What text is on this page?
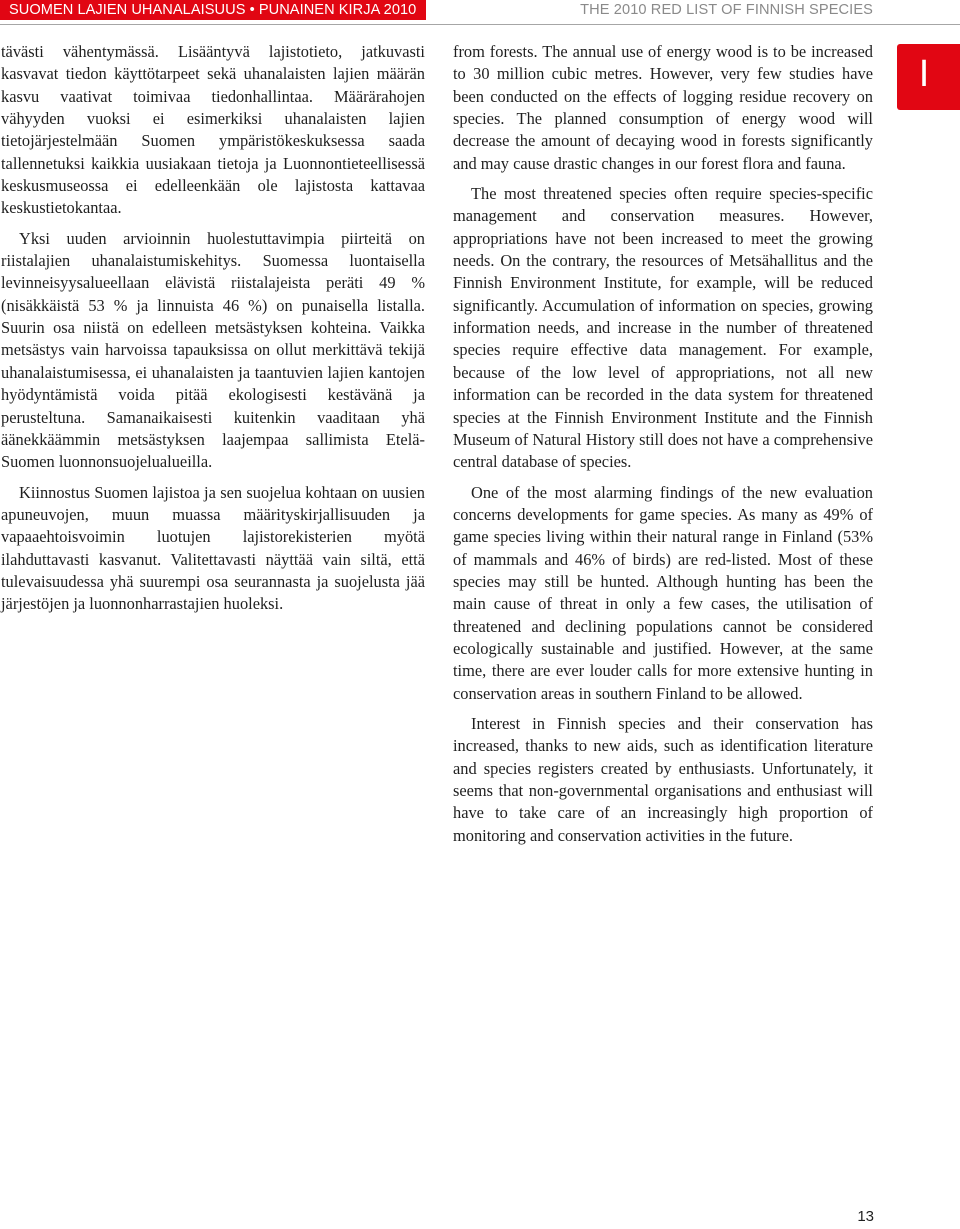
SUOMEN LAJIEN UHANALAISUUS • PUNAINEN KIRJA 2010	THE 2010 RED LIST OF FINNISH SPECIES

tävästi vähentymässä. Lisääntyvä lajistotieto, jatkuvasti kasvavat tiedon käyttötarpeet sekä uhanalaisten lajien määrän kasvu vaativat toimivaa tiedonhallintaa. Määrärahojen vähyyden vuoksi ei esimerkiksi uhanalaisten lajien tietojärjestelmään Suomen ympäristökeskuksessa saada tallennetuksi kaikkia uusiakaan tietoja ja Luonnontieteellisessä keskusmuseossa ei edelleenkään ole lajistosta kattavaa keskustietokantaa.

Yksi uuden arvioinnin huolestuttavimpia piirteitä on riistalajien uhanalaistumiskehitys. Suomessa luontaisella levinneisyysalueellaan elävistä riistalajeista peräti 49 % (nisäkkäistä 53 % ja linnuista 46 %) on punaisella listalla. Suurin osa niistä on edelleen metsästyksen kohteina. Vaikka metsästys vain harvoissa tapauksissa on ollut merkittävä tekijä uhanalaistumisessa, ei uhanalaisten ja taantuvien lajien kantojen hyödyntämistä voida pitää ekologisesti kestävänä ja perusteltuna. Samanaikaisesti kuitenkin vaaditaan yhä äänekkäämmin metsästyksen laajempaa sallimista Etelä-Suomen luonnonsuojelualueilla.

Kiinnostus Suomen lajistoa ja sen suojelua kohtaan on uusien apuneuvojen, muun muassa määrityskirjallisuuden ja vapaaehtoisvoimin luotujen lajistorekisterien myötä ilahduttavasti kasvanut. Valitettavasti näyttää vain siltä, että tulevaisuudessa yhä suurempi osa seurannasta ja suojelusta jää järjestöjen ja luonnonharrastajien huoleksi.

from forests. The annual use of energy wood is to be increased to 30 million cubic metres. However, very few studies have been conducted on the effects of logging residue recovery on species. The planned consumption of energy wood will decrease the amount of decaying wood in forests significantly and may cause drastic changes in our forest flora and fauna.

The most threatened species often require species-specific management and conservation measures. However, appropriations have not been increased to meet the growing needs. On the contrary, the resources of Metsähallitus and the Finnish Environment Institute, for example, will be reduced significantly. Accumulation of information on species, growing information needs, and increase in the number of threatened species require effective data management. For example, because of the low level of appropriations, not all new information can be recorded in the data system for threatened species at the Finnish Environment Institute and the Finnish Museum of Natural History still does not have a comprehensive central database of species.

One of the most alarming findings of the new evaluation concerns developments for game species. As many as 49% of game species living within their natural range in Finland (53% of mammals and 46% of birds) are red-listed. Most of these species may still be hunted. Although hunting has been the main cause of threat in only a few cases, the utilisation of threatened and declining populations cannot be considered ecologically sustainable and justified. However, at the same time, there are ever louder calls for more extensive hunting in conservation areas in southern Finland to be allowed.

Interest in Finnish species and their conservation has increased, thanks to new aids, such as identification literature and species registers created by enthusiasts. Unfortunately, it seems that non-governmental organisations and enthusiast will have to take care of an increasingly high proportion of monitoring and conservation activities in the future.

I
13
